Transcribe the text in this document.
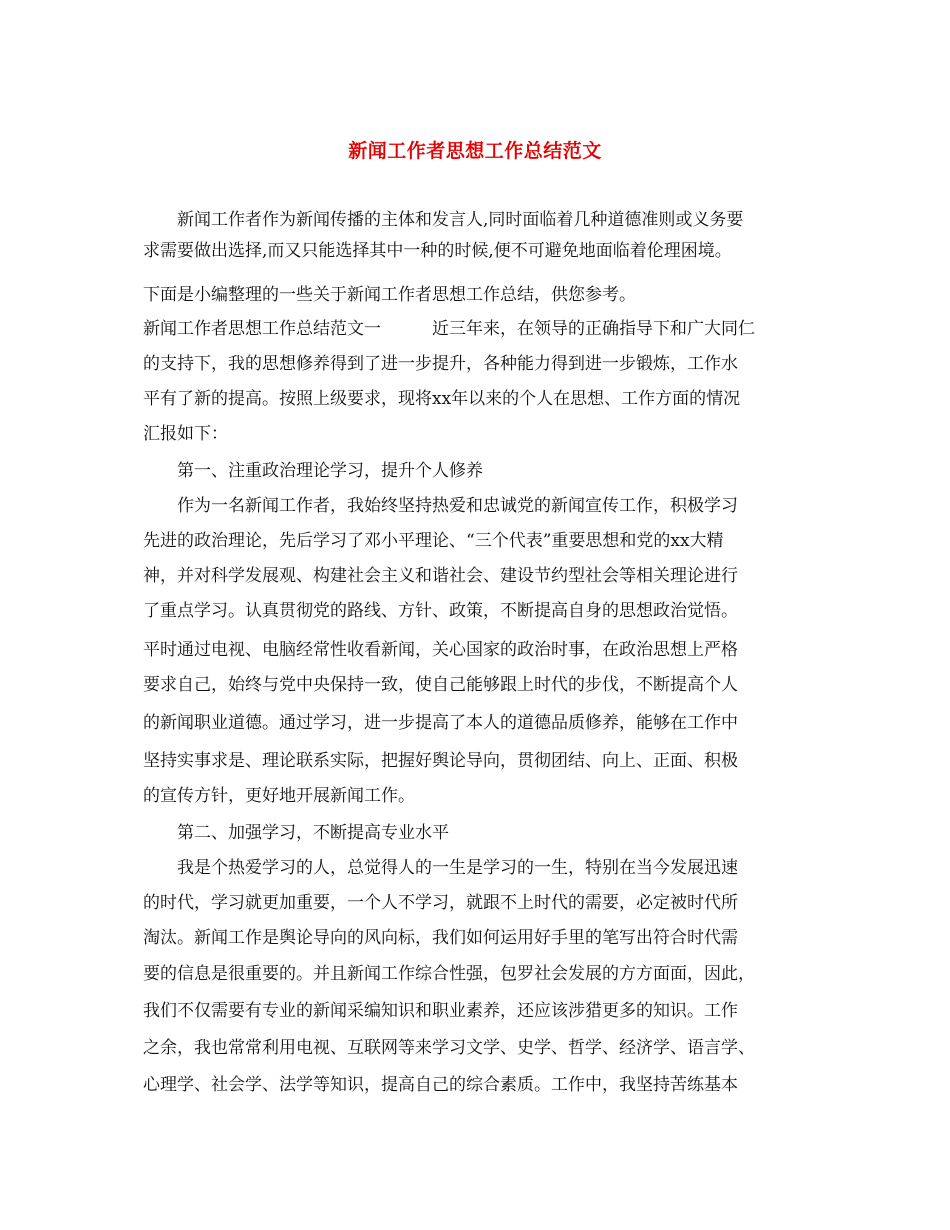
新闻工作者思想工作总结范文
　　新闻工作者作为新闻传播的主体和发言人,同时面临着几种道德准则或义务要
求需要做出选择,而又只能选择其中一种的时候,便不可避免地面临着伦理困境。
下面是小编整理的一些关于新闻工作者思想工作总结，供您参考。
新闻工作者思想工作总结范文一　　　近三年来，在领导的正确指导下和广大同仁
的支持下，我的思想修养得到了进一步提升，各种能力得到进一步锻炼，工作水
平有了新的提高。按照上级要求，现将xx年以来的个人在思想、工作方面的情况
汇报如下：
　　第一、注重政治理论学习，提升个人修养
　　作为一名新闻工作者，我始终坚持热爱和忠诚党的新闻宣传工作，积极学习
先进的政治理论，先后学习了邓小平理论、“三个代表”重要思想和党的xx大精
神，并对科学发展观、构建社会主义和谐社会、建设节约型社会等相关理论进行
了重点学习。认真贯彻党的路线、方针、政策，不断提高自身的思想政治觉悟。
平时通过电视、电脑经常性收看新闻，关心国家的政治时事，在政治思想上严格
要求自己，始终与党中央保持一致，使自己能够跟上时代的步伐，不断提高个人
的新闻职业道德。通过学习，进一步提高了本人的道德品质修养，能够在工作中
坚持实事求是、理论联系实际，把握好舆论导向，贯彻团结、向上、正面、积极
的宣传方针，更好地开展新闻工作。
　　第二、加强学习，不断提高专业水平
　　我是个热爱学习的人，总觉得人的一生是学习的一生，特别在当今发展迅速
的时代，学习就更加重要，一个人不学习，就跟不上时代的需要，必定被时代所
淘汰。新闻工作是舆论导向的风向标，我们如何运用好手里的笔写出符合时代需
要的信息是很重要的。并且新闻工作综合性强，包罗社会发展的方方面面，因此，
我们不仅需要有专业的新闻采编知识和职业素养，还应该涉猎更多的知识。工作
之余，我也常常利用电视、互联网等来学习文学、史学、哲学、经济学、语言学、
心理学、社会学、法学等知识，提高自己的综合素质。工作中，我坚持苦练基本
